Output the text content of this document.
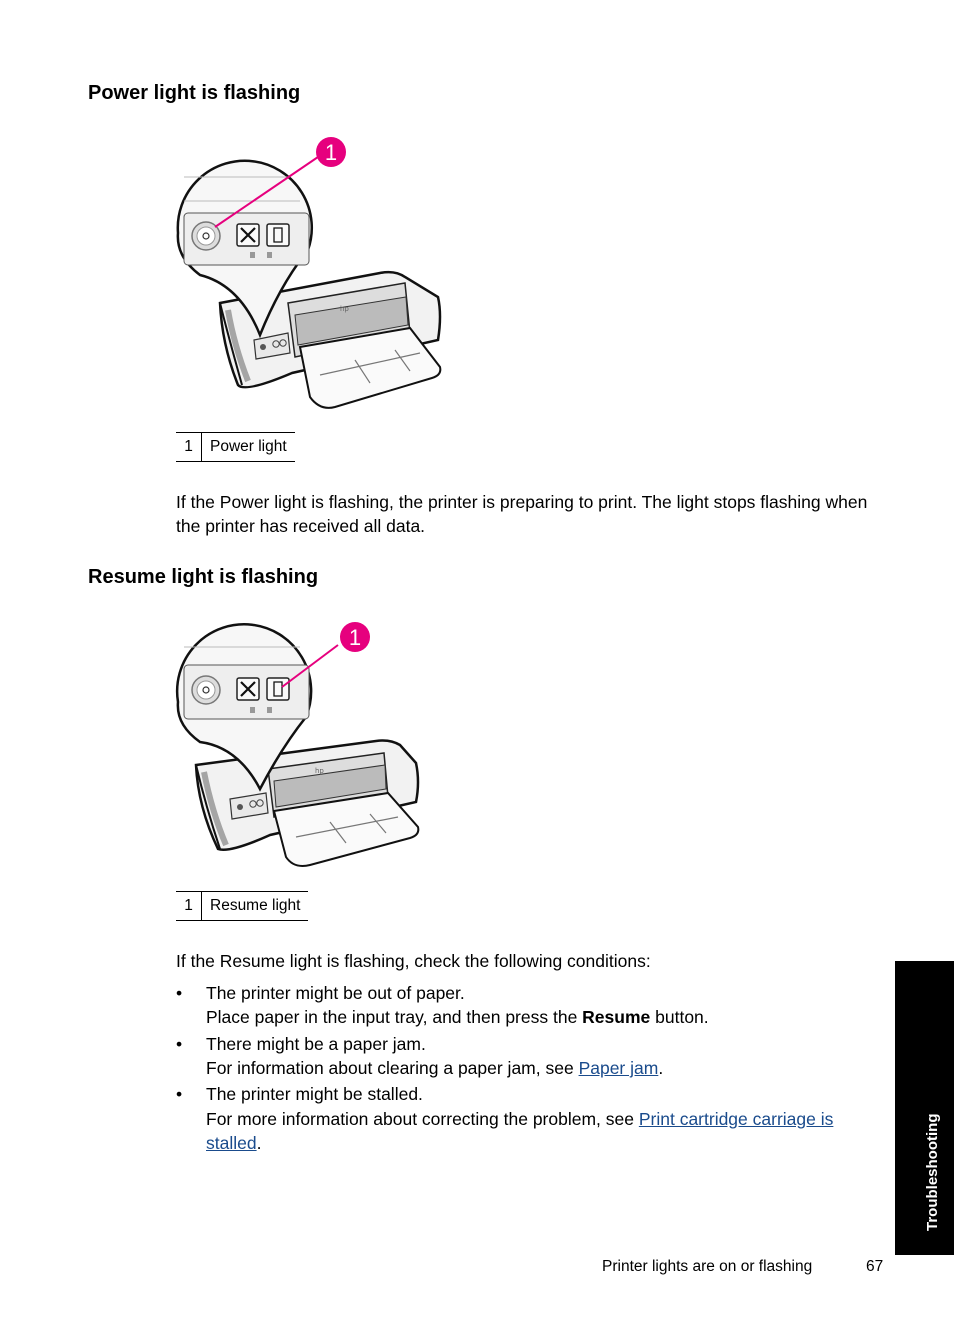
Power light is flashing
hp
1
1	Power light

If the Power light is flashing, the printer is preparing to print. The light stops flashing when the printer has received all data.

Resume light is flashing
hp
1
1	Resume light

If the Resume light is flashing, check the following conditions:

• The printer might be out of paper.
Place paper in the input tray, and then press the Resume button.
• There might be a paper jam.
For information about clearing a paper jam, see Paper jam.
• The printer might be stalled.
For more information about correcting the problem, see Print cartridge carriage is stalled.	Troubleshooting
Printer lights are on or flashing	67
